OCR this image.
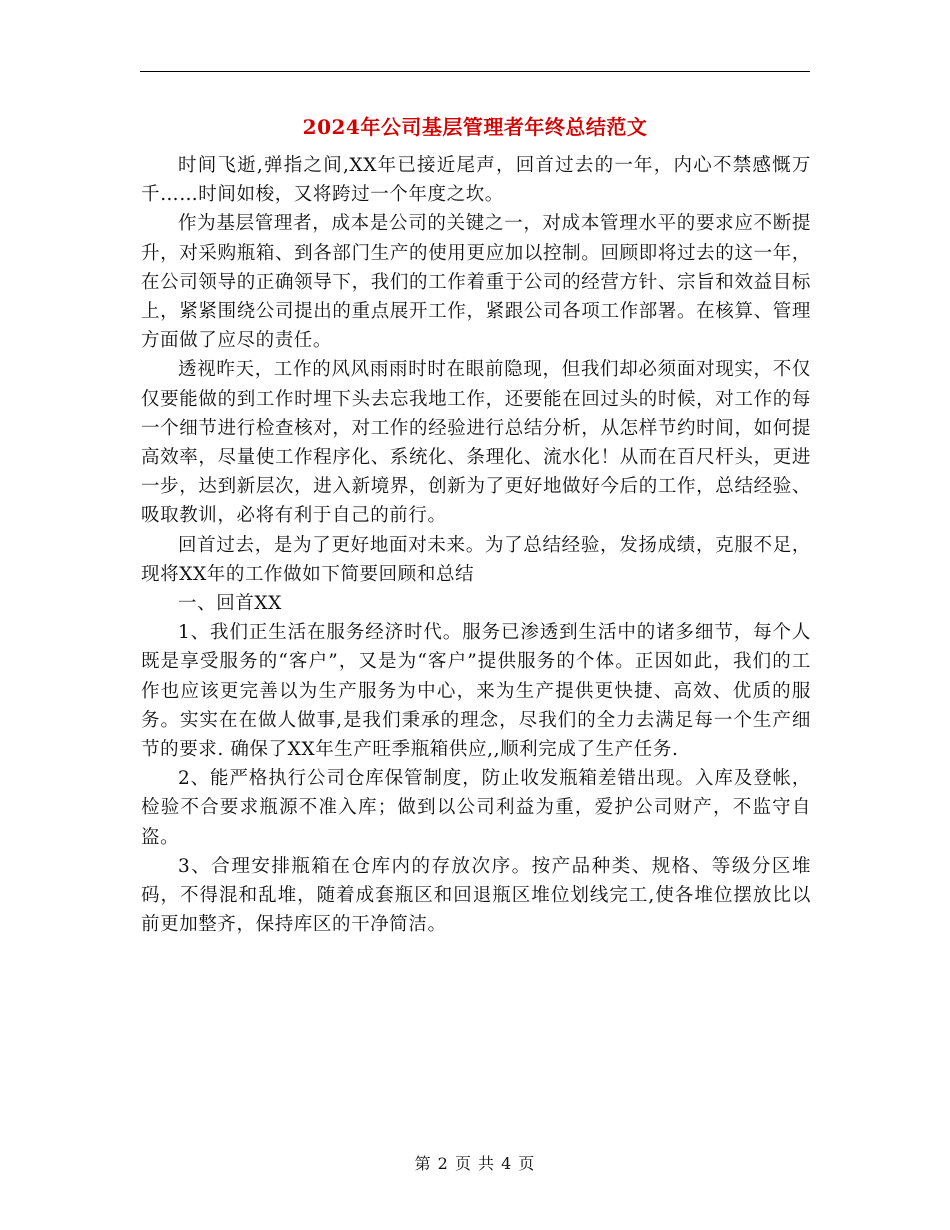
2024年公司基层管理者年终总结范文

时间飞逝,弹指之间,XX年已接近尾声，回首过去的一年，内心不禁感慨万千……时间如梭，又将跨过一个年度之坎。

作为基层管理者，成本是公司的关键之一，对成本管理水平的要求应不断提升，对采购瓶箱、到各部门生产的使用更应加以控制。回顾即将过去的这一年，在公司领导的正确领导下，我们的工作着重于公司的经营方针、宗旨和效益目标上，紧紧围绕公司提出的重点展开工作，紧跟公司各项工作部署。在核算、管理方面做了应尽的责任。

透视昨天，工作的风风雨雨时时在眼前隐现，但我们却必须面对现实，不仅仅要能做的到工作时埋下头去忘我地工作，还要能在回过头的时候，对工作的每一个细节进行检查核对，对工作的经验进行总结分析，从怎样节约时间，如何提高效率，尽量使工作程序化、系统化、条理化、流水化！从而在百尺杆头，更进一步，达到新层次，进入新境界，创新为了更好地做好今后的工作，总结经验、吸取教训，必将有利于自己的前行。

回首过去，是为了更好地面对未来。为了总结经验，发扬成绩，克服不足，现将XX年的工作做如下简要回顾和总结

一、回首XX

1、我们正生活在服务经济时代。服务已渗透到生活中的诸多细节，每个人既是享受服务的“客户”，又是为“客户”提供服务的个体。正因如此，我们的工作也应该更完善以为生产服务为中心，来为生产提供更快捷、高效、优质的服务。实实在在做人做事,是我们秉承的理念，尽我们的全力去满足每一个生产细节的要求. 确保了XX年生产旺季瓶箱供应,,顺利完成了生产任务.

2、能严格执行公司仓库保管制度，防止收发瓶箱差错出现。入库及登帐，检验不合要求瓶源不准入库；做到以公司利益为重，爱护公司财产，不监守自盗。

3、合理安排瓶箱在仓库内的存放次序。按产品种类、规格、等级分区堆码，不得混和乱堆，随着成套瓶区和回退瓶区堆位划线完工,使各堆位摆放比以前更加整齐，保持库区的干净简洁。

第 2 页 共 4 页
